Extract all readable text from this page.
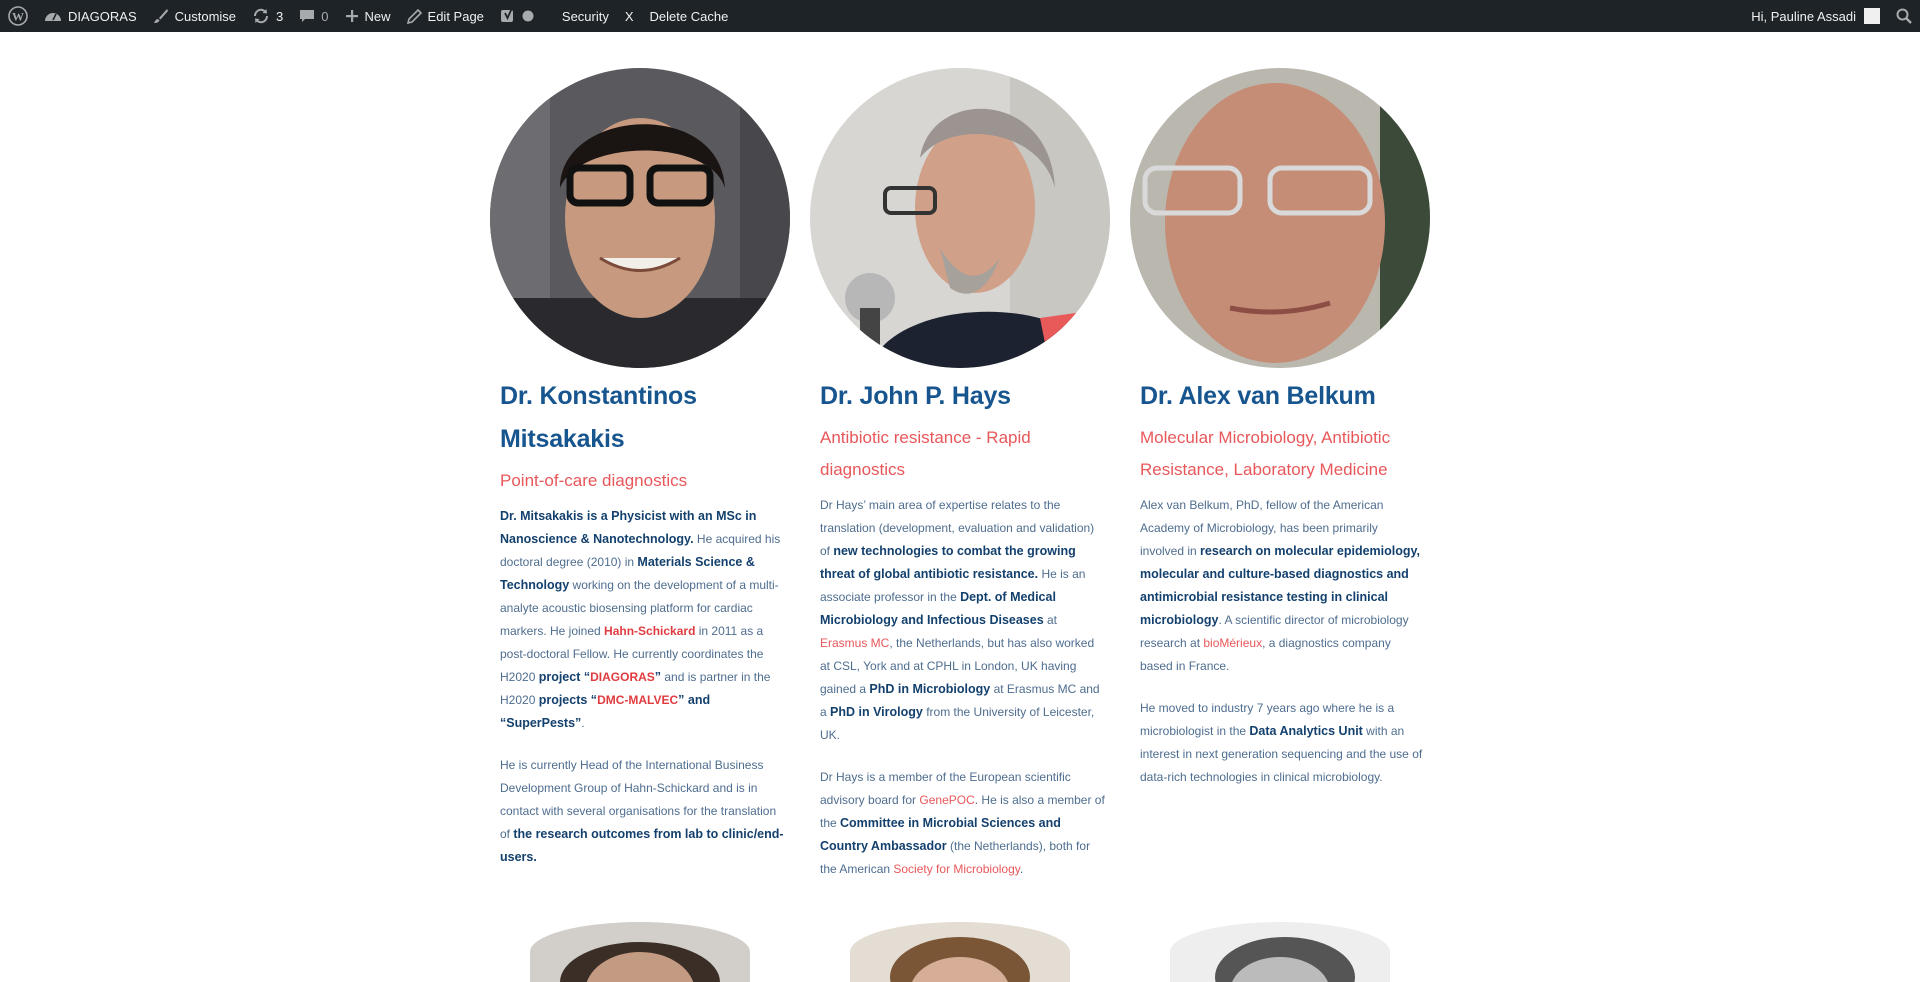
W	DIAGORAS	Customise	3	0	New	Edit Page	Security X Delete Cache	Hi, Pauline Assadi
Dr. Konstantinos Mitsakakis
Point-of-care diagnostics

Dr. Mitsakakis is a Physicist with an MSc in Nanoscience & Nanotechnology. He acquired his doctoral degree (2010) in Materials Science & Technology working on the development of a multi-analyte acoustic biosensing platform for cardiac markers. He joined Hahn-Schickard in 2011 as a post-doctoral Fellow. He currently coordinates the H2020 project “DIAGORAS” and is partner in the H2020 projects “DMC-MALVEC” and “SuperPests”.

He is currently Head of the International Business Development Group of Hahn-Schickard and is in contact with several organisations for the translation of the research outcomes from lab to clinic/end-users.

Dr. John P. Hays
Antibiotic resistance - Rapid diagnostics

Dr Hays’ main area of expertise relates to the translation (development, evaluation and validation) of new technologies to combat the growing threat of global antibiotic resistance. He is an associate professor in the Dept. of Medical Microbiology and Infectious Diseases at Erasmus MC, the Netherlands, but has also worked at CSL, York and at CPHL in London, UK having gained a PhD in Microbiology at Erasmus MC and a PhD in Virology from the University of Leicester, UK.

Dr Hays is a member of the European scientific advisory board for GenePOC. He is also a member of the Committee in Microbial Sciences and Country Ambassador (the Netherlands), both for the American Society for Microbiology.

Dr. Alex van Belkum
Molecular Microbiology, Antibiotic Resistance, Laboratory Medicine

Alex van Belkum, PhD, fellow of the American Academy of Microbiology, has been primarily involved in research on molecular epidemiology, molecular and culture-based diagnostics and antimicrobial resistance testing in clinical microbiology. A scientific director of microbiology research at bioMérieux, a diagnostics company based in France.

He moved to industry 7 years ago where he is a microbiologist in the Data Analytics Unit with an interest in next generation sequencing and the use of data-rich technologies in clinical microbiology.
